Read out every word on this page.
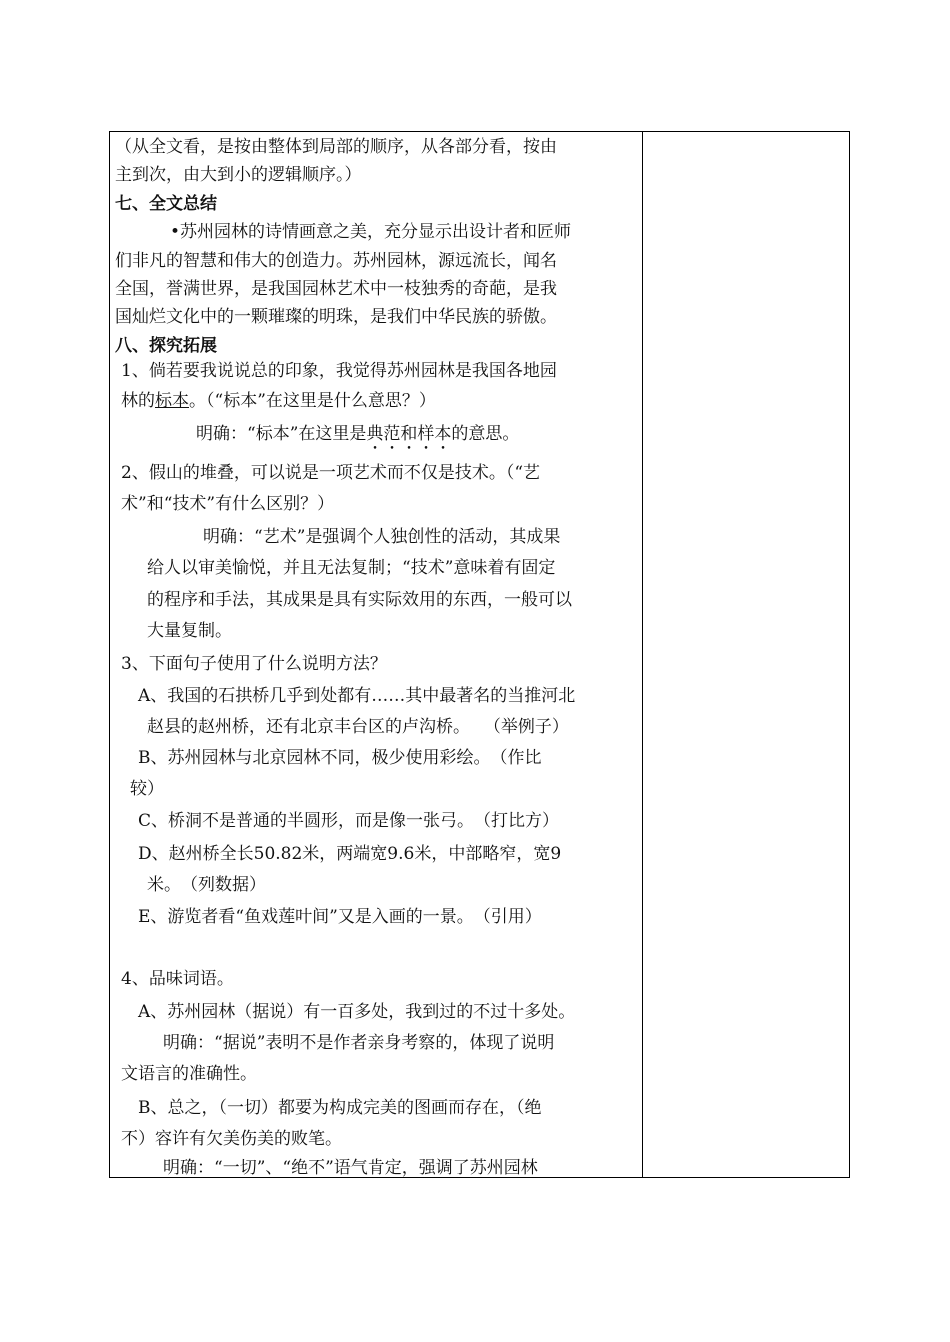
（从全文看，是按由整体到局部的顺序，从各部分看，按由
主到次，由大到小的逻辑顺序。）
七、全文总结
•苏州园林的诗情画意之美，充分显示出设计者和匠师
们非凡的智慧和伟大的创造力。苏州园林，源远流长，闻名
全国，誉满世界，是我国园林艺术中一枝独秀的奇葩，是我
国灿烂文化中的一颗璀璨的明珠，是我们中华民族的骄傲。
八、探究拓展
1、倘若要我说说总的印象，我觉得苏州园林是我国各地园
林的标本。（“标本”在这里是什么意思？）
明确：“标本”在这里是典范和样本的意思。
2、假山的堆叠，可以说是一项艺术而不仅是技术。（“艺
术”和“技术”有什么区别？）
明确：“艺术”是强调个人独创性的活动，其成果
给人以审美愉悦，并且无法复制；“技术”意味着有固定
的程序和手法，其成果是具有实际效用的东西，一般可以
大量复制。
3、下面句子使用了什么说明方法？
A、我国的石拱桥几乎到处都有……其中最著名的当推河北
赵县的赵州桥，还有北京丰台区的卢沟桥。　 （举例子）
B、苏州园林与北京园林不同，极少使用彩绘。　（作比
较）
C、桥洞不是普通的半圆形，而是像一张弓。　（打比方）
D、赵州桥全长50.82米，两端宽9.6米，中部略窄，宽9
米。　（列数据）
E、游览者看“鱼戏莲叶间”又是入画的一景。　（引用）
4、品味词语。
A、苏州园林（据说）有一百多处，我到过的不过十多处。
明确：“据说”表明不是作者亲身考察的，体现了说明
文语言的准确性。
B、总之，（一切）都要为构成完美的图画而存在，（绝
不）容许有欠美伤美的败笔。
明确：“一切”、“绝不”语气肯定，强调了苏州园林
